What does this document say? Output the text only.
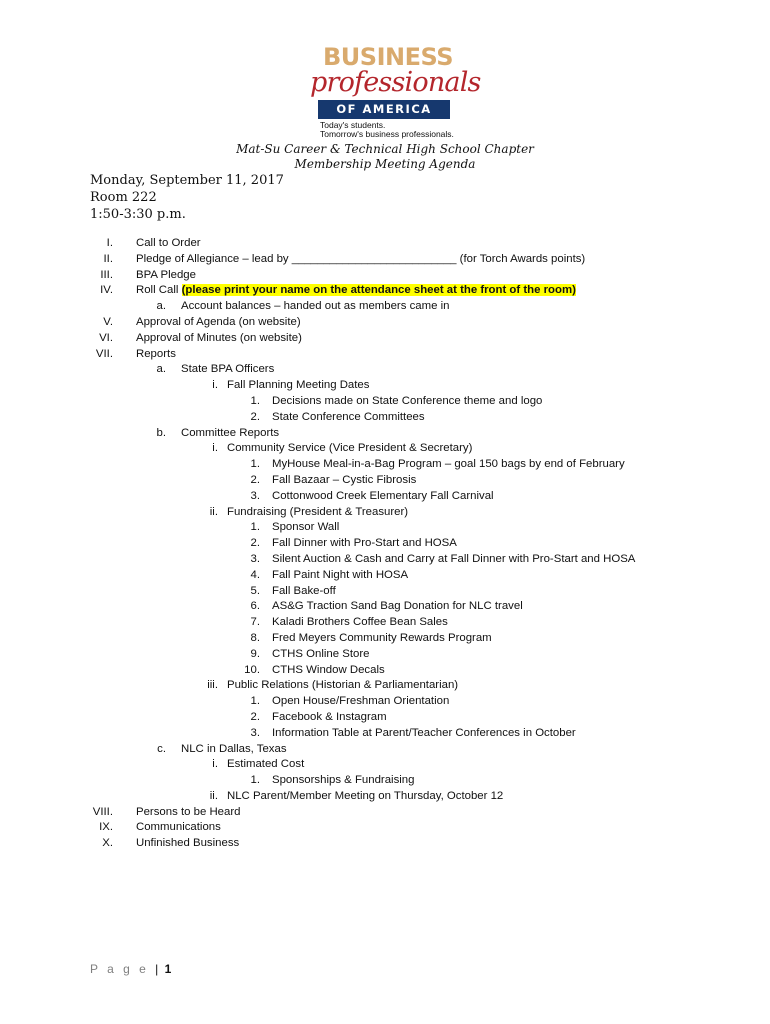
BUSINESS
professionals
OF AMERICA
Today's students.
Tomorrow's business professionals.
Mat-Su Career & Technical High School Chapter
Membership Meeting Agenda
Monday, September 11, 2017
Room 222
1:50-3:30 p.m.
I. Call to Order
II. Pledge of Allegiance – lead by __________________________ (for Torch Awards points)
III. BPA Pledge
IV. Roll Call (please print your name on the attendance sheet at the front of the room)
a. Account balances – handed out as members came in
V. Approval of Agenda (on website)
VI. Approval of Minutes (on website)
VII. Reports
a. State BPA Officers
i. Fall Planning Meeting Dates
1. Decisions made on State Conference theme and logo
2. State Conference Committees
b. Committee Reports
i. Community Service (Vice President & Secretary)
1. MyHouse Meal-in-a-Bag Program – goal 150 bags by end of February
2. Fall Bazaar – Cystic Fibrosis
3. Cottonwood Creek Elementary Fall Carnival
ii. Fundraising (President & Treasurer)
1. Sponsor Wall
2. Fall Dinner with Pro-Start and HOSA
3. Silent Auction & Cash and Carry at Fall Dinner with Pro-Start and HOSA
4. Fall Paint Night with HOSA
5. Fall Bake-off
6. AS&G Traction Sand Bag Donation for NLC travel
7. Kaladi Brothers Coffee Bean Sales
8. Fred Meyers Community Rewards Program
9. CTHS Online Store
10. CTHS Window Decals
iii. Public Relations (Historian & Parliamentarian)
1. Open House/Freshman Orientation
2. Facebook & Instagram
3. Information Table at Parent/Teacher Conferences in October
c. NLC in Dallas, Texas
i. Estimated Cost
1. Sponsorships & Fundraising
ii. NLC Parent/Member Meeting on Thursday, October 12
VIII. Persons to be Heard
IX. Communications
X. Unfinished Business
P a g e | 1
